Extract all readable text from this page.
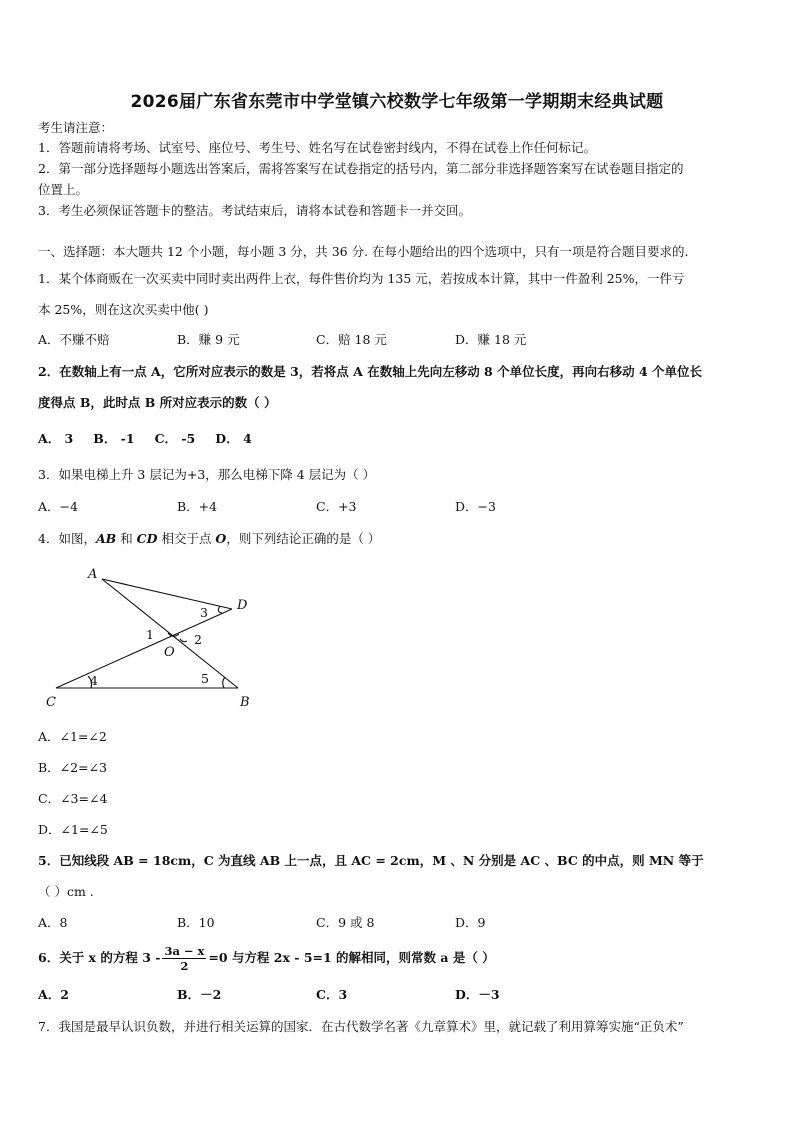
2026届广东省东莞市中学堂镇六校数学七年级第一学期期末经典试题
考生请注意：
1．答题前请将考场、试室号、座位号、考生号、姓名写在试卷密封线内，不得在试卷上作任何标记。
2．第一部分选择题每小题选出答案后，需将答案写在试卷指定的括号内，第二部分非选择题答案写在试卷题目指定的
位置上。
3．考生必须保证答题卡的整洁。考试结束后，请将本试卷和答题卡一并交回。
一、选择题：本大题共 12 个小题，每小题 3 分，共 36 分. 在每小题给出的四个选项中，只有一项是符合题目要求的.
1．某个体商贩在一次买卖中同时卖出两件上衣，每件售价均为 135 元，若按成本计算，其中一件盈利 25%，一件亏
本 25%，则在这次买卖中他( )
A．不赚不赔	B．赚 9 元	C．赔 18 元	D．赚 18 元
2．在数轴上有一点 A，它所对应表示的数是 3，若将点 A 在数轴上先向左移动 8 个单位长度，再向右移动 4 个单位长
度得点 B，此时点 B 所对应表示的数（ ）
A． 3 B． -1 C． -5 D． 4
3．如果电梯上升 3 层记为+3，那么电梯下降 4 层记为（ ）
A．−4	B．+4	C．+3	D．−3
4．如图，AB 和 CD 相交于点 O，则下列结论正确的是（ ）
A
D
O
C	B
1	2
3
4	5
A．∠1=∠2
B．∠2=∠3
C．∠3=∠4
D．∠1=∠5
5．已知线段 AB = 18cm，C 为直线 AB 上一点，且 AC = 2cm，M 、N 分别是 AC 、BC 的中点，则 MN 等于
（ ）cm .
A．8	B．10	C．9 或 8	D．9
6．关于 x 的方程 $3 - \frac{3a - x}{2} =0$ 与方程 2x - 5=1 的解相同，则常数 a 是（ ）
A．2	B．－2	C．3	D．－3
7．我国是最早认识负数，并进行相关运算的国家．在古代数学名著《九章算术》里，就记载了利用算筹实施“正负术”
